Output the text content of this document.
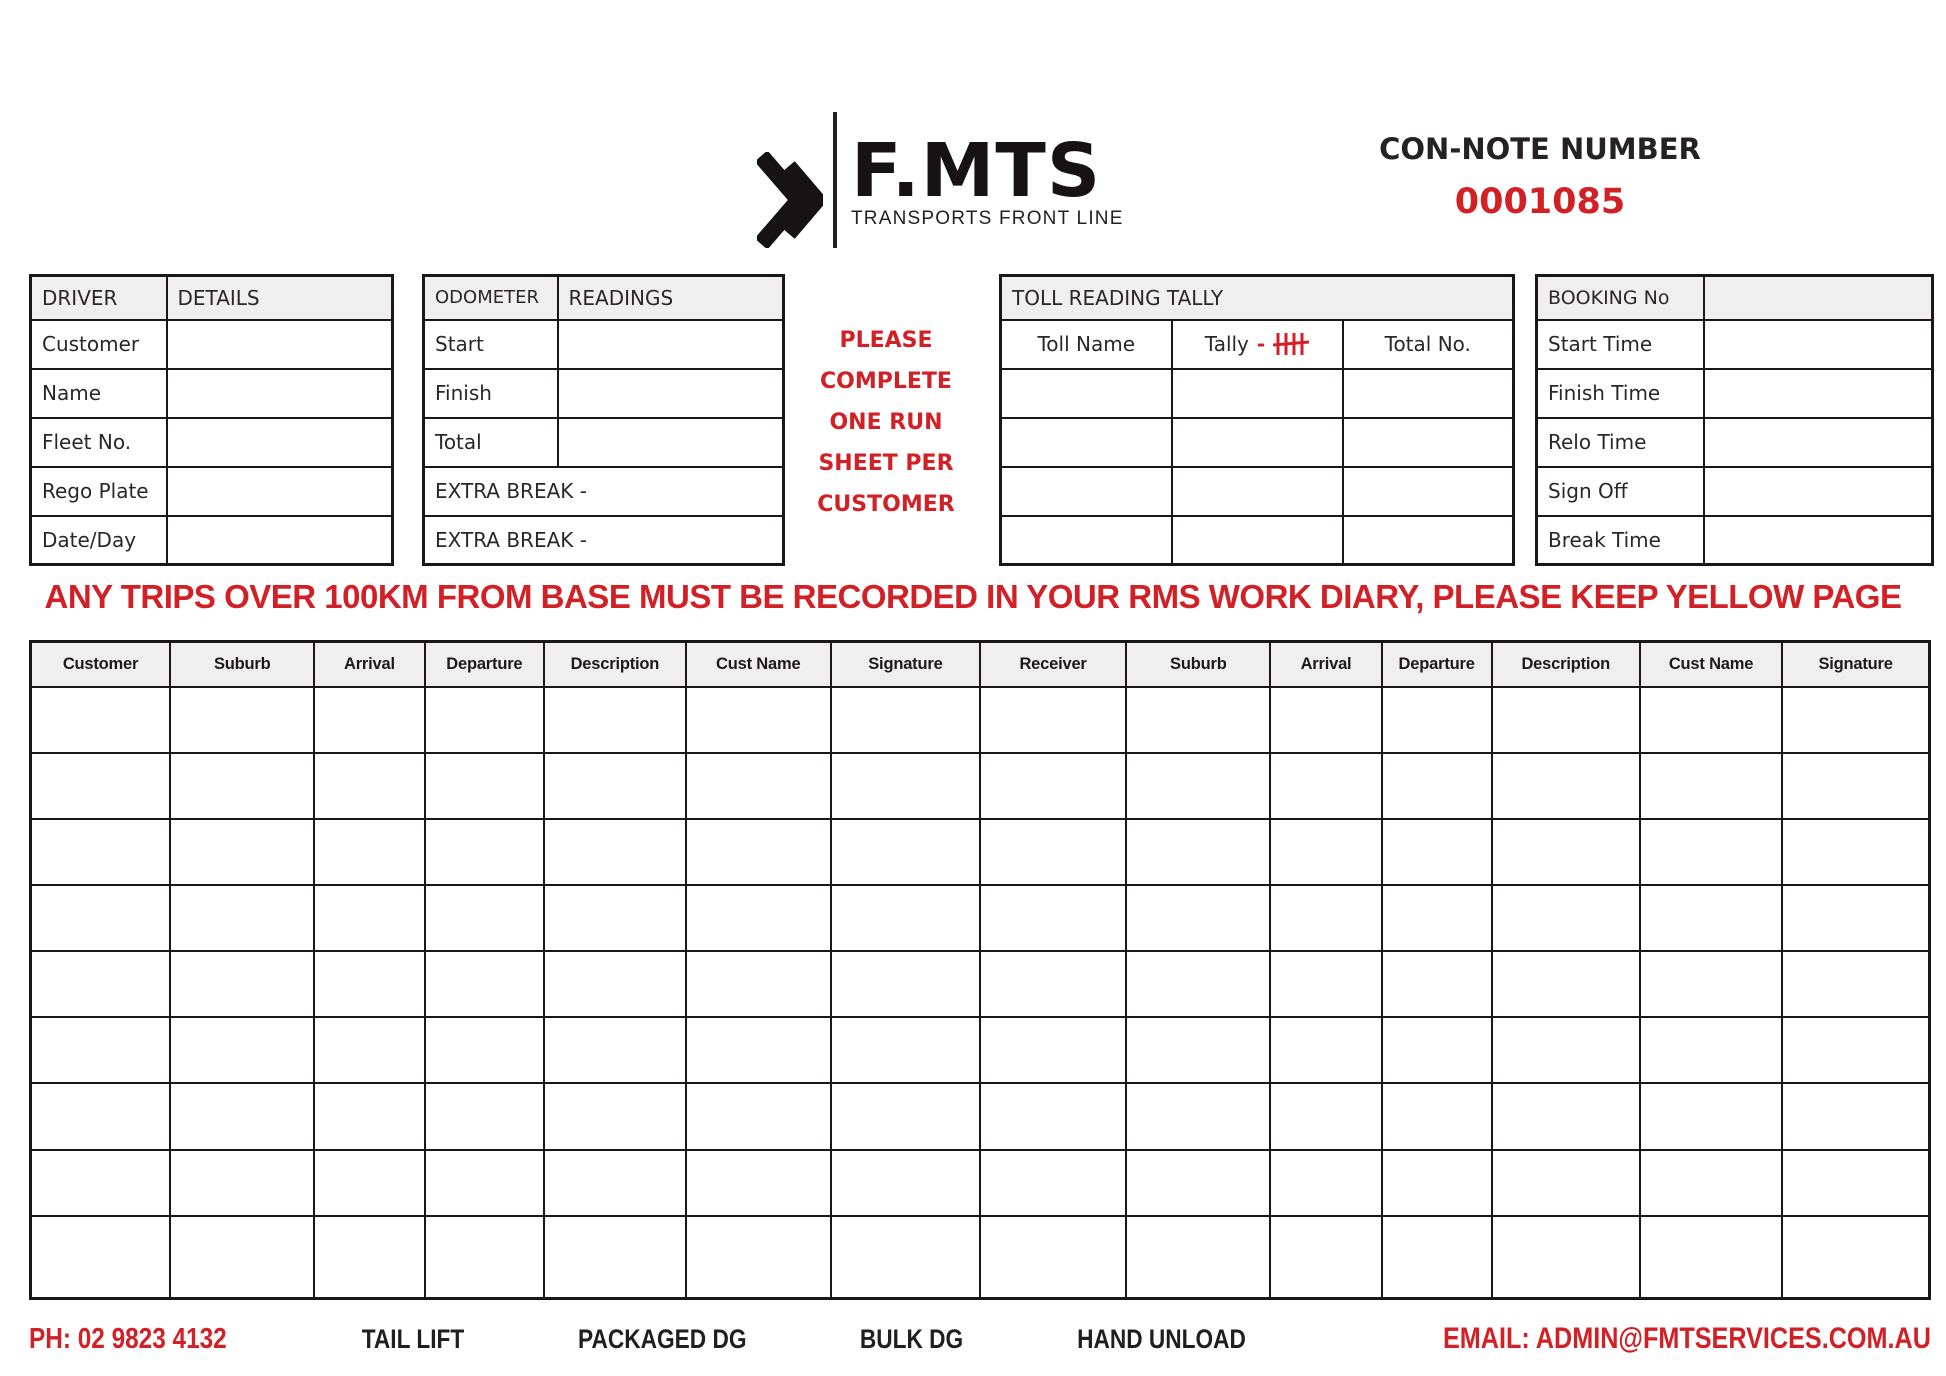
F.MTS
TRANSPORTS FRONT LINE
CON-NOTE NUMBER
0001085
DRIVER	DETAILS
Customer	
Name	
Fleet No.	
Rego Plate	
Date/Day	
ODOMETER	READINGS
Start	
Finish	
Total	
EXTRA BREAK -	
EXTRA BREAK -	
PLEASE
COMPLETE
ONE RUN
SHEET PER
CUSTOMER
TOLL READING TALLY		
Toll Name	Tally -	Total No.

BOOKING No	
Start Time	
Finish Time	
Relo Time	
Sign Off	
Break Time	
ANY TRIPS OVER 100KM FROM BASE MUST BE RECORDED IN YOUR RMS WORK DIARY, PLEASE KEEP YELLOW PAGE
Customer	Suburb	Arrival	Departure	Description	Cust Name	Signature	Receiver	Suburb	Arrival	Departure	Description	Cust Name	Signature

PH: 02 9823 4132	TAIL LIFT	PACKAGED DG	BULK DG	HAND UNLOAD	EMAIL: ADMIN@FMTSERVICES.COM.AU
